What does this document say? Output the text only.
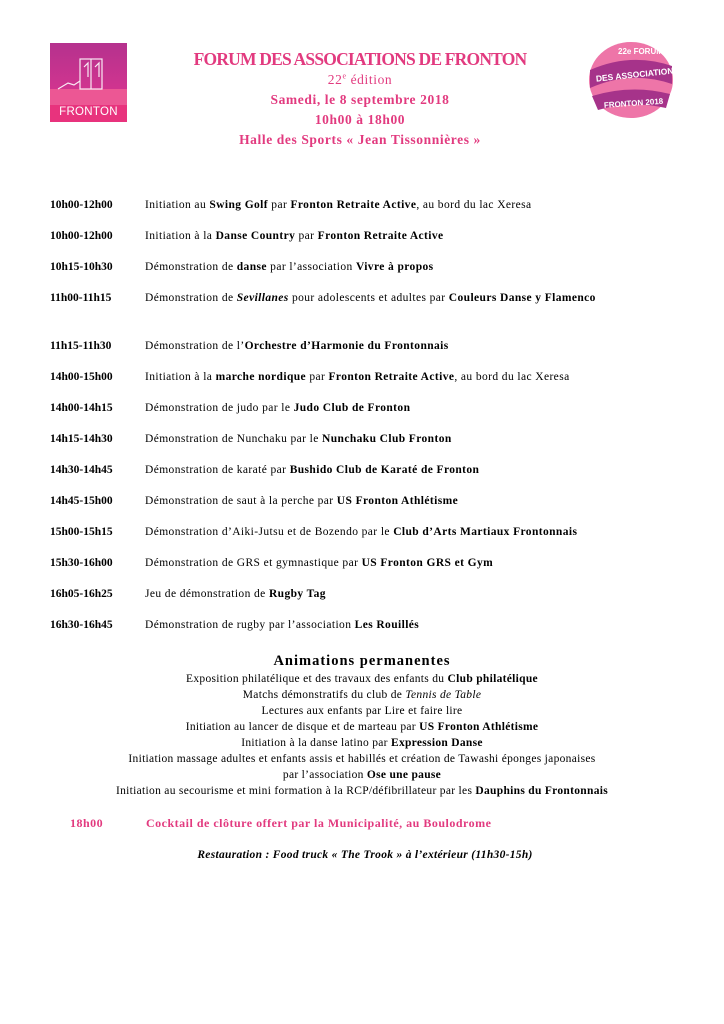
FRONTON
22e FORUM
DES ASSOCIATIONS
FRONTON 2018
FORUM DES ASSOCIATIONS DE FRONTON
22e édition
Samedi, le 8 septembre 2018
10h00 à 18h00
Halle des Sports « Jean Tissonnières »
10h00-12h00	Initiation au Swing Golf par Fronton Retraite Active, au bord du lac Xeresa
10h00-12h00	Initiation à la Danse Country par Fronton Retraite Active
10h15-10h30	Démonstration de danse par l’association Vivre à propos
11h00-11h15	Démonstration de Sevillanes pour adolescents et adultes par Couleurs Danse y Flamenco
11h15-11h30	Démonstration de l’Orchestre d’Harmonie du Frontonnais
14h00-15h00	Initiation à la marche nordique par Fronton Retraite Active, au bord du lac Xeresa
14h00-14h15	Démonstration de judo par le Judo Club de Fronton
14h15-14h30	Démonstration de Nunchaku par le Nunchaku Club Fronton
14h30-14h45	Démonstration de karaté par Bushido Club de Karaté de Fronton
14h45-15h00	Démonstration de saut à la perche par US Fronton Athlétisme
15h00-15h15	Démonstration d’Aiki-Jutsu et de Bozendo par le Club d’Arts Martiaux Frontonnais
15h30-16h00	Démonstration de GRS et gymnastique par US Fronton GRS et Gym
16h05-16h25	Jeu de démonstration de Rugby Tag
16h30-16h45	Démonstration de rugby par l’association Les Rouillés
Animations permanentes
Exposition philatélique et des travaux des enfants du Club philatélique
Matchs démonstratifs du club de Tennis de Table
Lectures aux enfants par Lire et faire lire
Initiation au lancer de disque et de marteau par US Fronton Athlétisme
Initiation à la danse latino par Expression Danse
Initiation massage adultes et enfants assis et habillés et création de Tawashi éponges japonaises
par l’association Ose une pause
Initiation au secourisme et mini formation à la RCP/défibrillateur par les Dauphins du Frontonnais
18h00	Cocktail de clôture offert par la Municipalité, au Boulodrome
Restauration : Food truck « The Trook » à l’extérieur (11h30-15h)
